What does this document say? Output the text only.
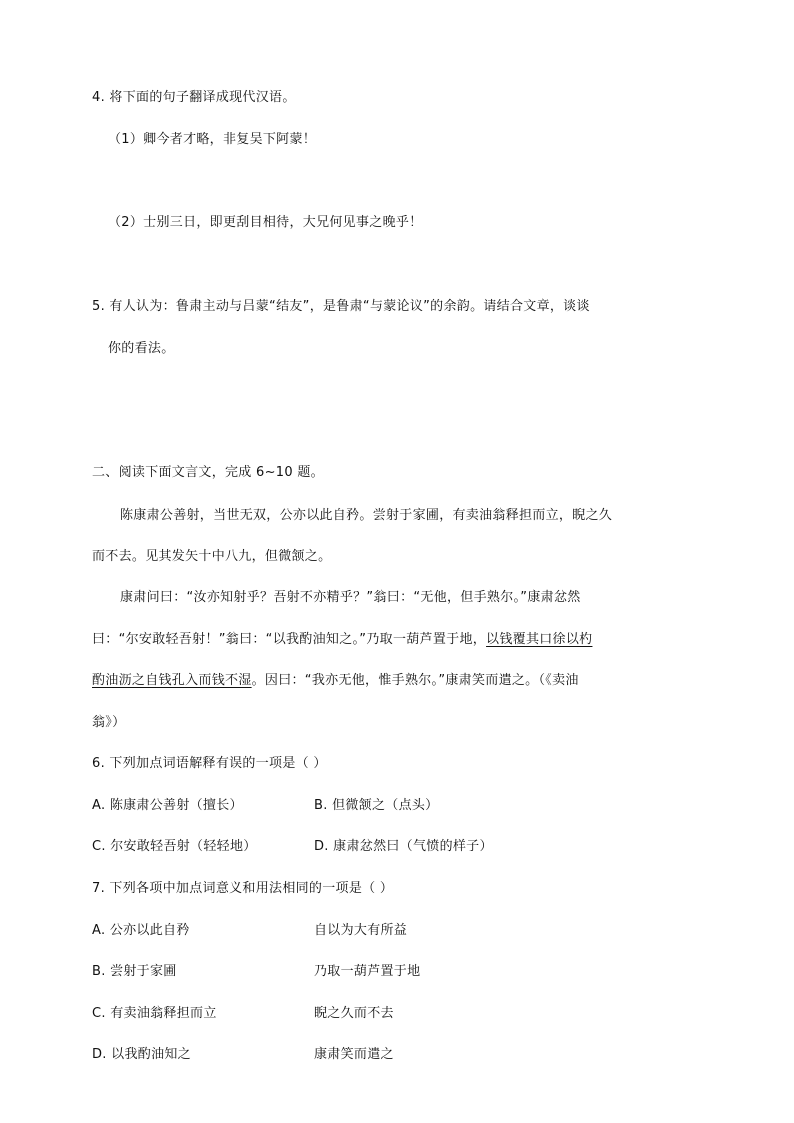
4. 将下面的句子翻译成现代汉语。
（1）卿今者才略，非复吴下阿蒙！
（2）士别三日，即更刮目相待，大兄何见事之晚乎！
5. 有人认为：鲁肃主动与吕蒙“结友”，是鲁肃“与蒙论议”的余韵。请结合文章，谈谈
你的看法。
二、阅读下面文言文，完成 6~10 题。
陈康肃公善射，当世无双，公亦以此自矜。尝射于家圃，有卖油翁释担而立，睨之久
而不去。见其发矢十中八九，但微颔之。
康肃问曰：“汝亦知射乎？吾射不亦精乎？”翁曰：“无他，但手熟尔。”康肃忿然
曰：“尔安敢轻吾射！”翁曰：“以我酌油知之。”乃取一葫芦置于地，以钱覆其口徐以杓
酌油沥之自钱孔入而钱不湿。因曰：“我亦无他，惟手熟尔。”康肃笑而遣之。（《卖油
翁》）
6. 下列加点词语解释有误的一项是（ ）
A. 陈康肃公善射（擅长）	B. 但微颔之（点头）
C. 尔安敢轻吾射（轻轻地）	D. 康肃忿然曰（气愤的样子）
7. 下列各项中加点词意义和用法相同的一项是（ ）
A. 公亦以此自矜	自以为大有所益
B. 尝射于家圃	乃取一葫芦置于地
C. 有卖油翁释担而立	睨之久而不去
D. 以我酌油知之	康肃笑而遣之
